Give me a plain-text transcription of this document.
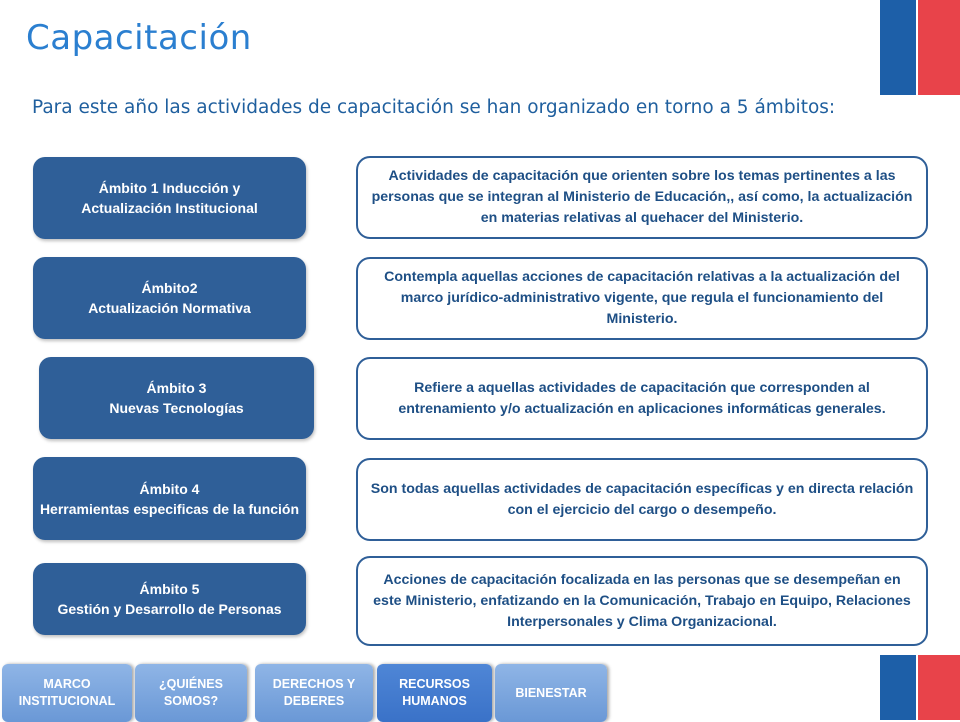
Capacitación
Para este año las actividades de capacitación se han organizado en torno a 5 ámbitos:
Ámbito 1 Inducción y
Actualización Institucional
Actividades de capacitación que orienten sobre los temas pertinentes a las personas que se integran al Ministerio de Educación,, así como, la actualización en materias relativas al quehacer del Ministerio.
Ámbito2
Actualización Normativa
Contempla aquellas acciones de capacitación relativas a la actualización del marco jurídico-administrativo vigente, que regula el funcionamiento del Ministerio.
Ámbito 3
Nuevas Tecnologías
Refiere a aquellas actividades de capacitación que corresponden al entrenamiento y/o actualización en aplicaciones informáticas generales.
Ámbito 4
Herramientas especificas de la función
Son todas aquellas actividades de capacitación específicas y en directa relación con el ejercicio del cargo o desempeño.
Ámbito 5
Gestión y Desarrollo de Personas
Acciones de capacitación focalizada en las personas que se desempeñan en este Ministerio, enfatizando en la Comunicación, Trabajo en Equipo, Relaciones Interpersonales y Clima Organizacional.
MARCO
INSTITUCIONAL
¿QUIÉNES
SOMOS?
DERECHOS Y
DEBERES
RECURSOS
HUMANOS
BIENESTAR
